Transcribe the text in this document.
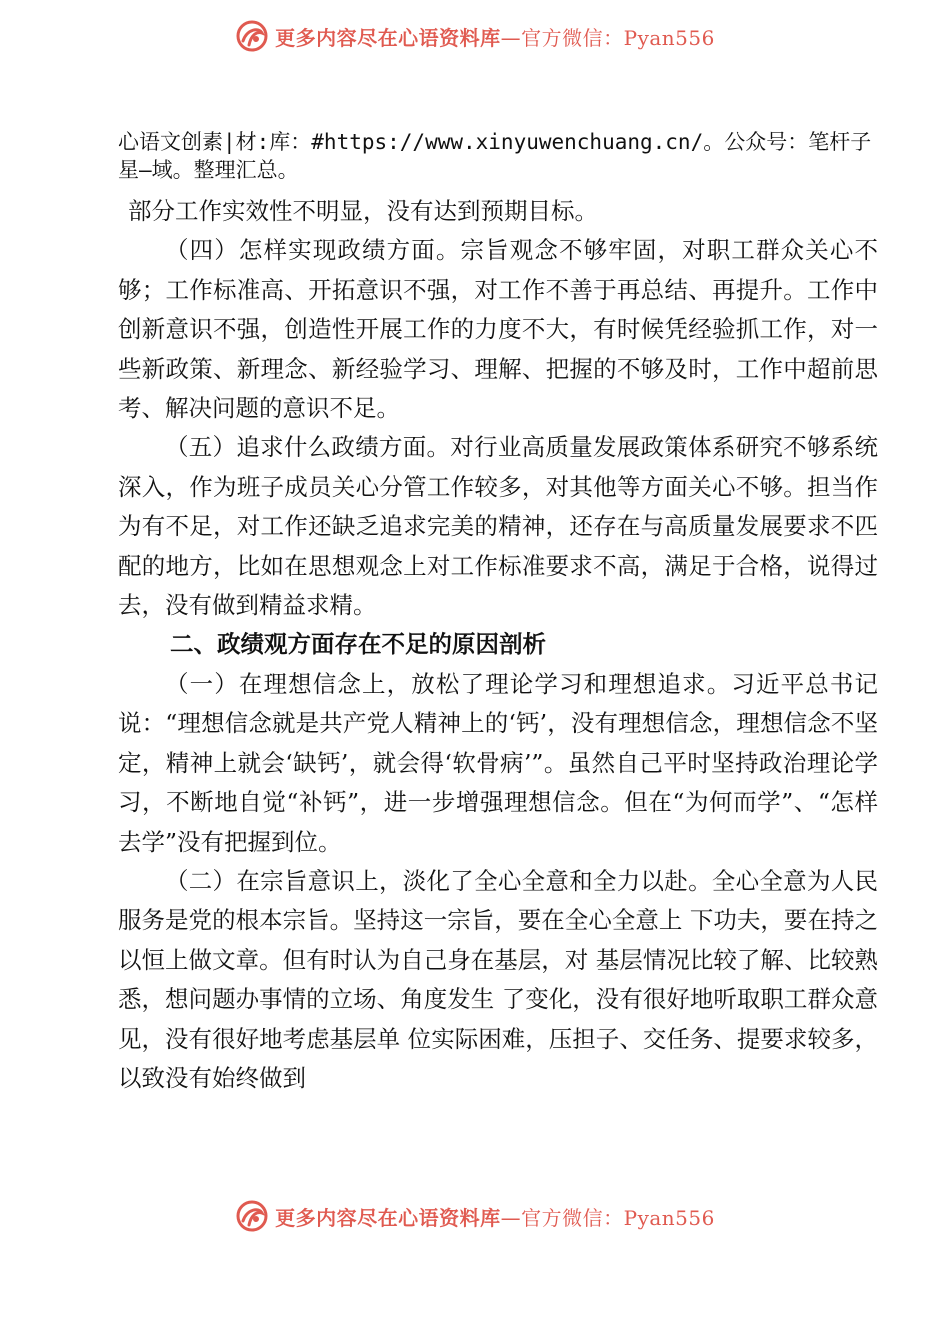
更多内容尽在心语资料库—官方微信：Pyan556

心语文创素|材:库：#https://www.xinyuwenchuang.cn/。公众号：笔杆子星—域。整理汇总。

部分工作实效性不明显，没有达到预期目标。

（四）怎样实现政绩方面。宗旨观念不够牢固，对职工群众关心不够；工作标准高、开拓意识不强，对工作不善于再总结、再提升。工作中创新意识不强，创造性开展工作的力度不大，有时候凭经验抓工作，对一些新政策、新理念、新经验学习、理解、把握的不够及时，工作中超前思考、解决问题的意识不足。

（五）追求什么政绩方面。对行业高质量发展政策体系研究不够系统深入，作为班子成员关心分管工作较多，对其他等方面关心不够。担当作为有不足，对工作还缺乏追求完美的精神，还存在与高质量发展要求不匹配的地方，比如在思想观念上对工作标准要求不高，满足于合格，说得过去，没有做到精益求精。

二、政绩观方面存在不足的原因剖析

（一）在理想信念上，放松了理论学习和理想追求。习近平总书记说：“理想信念就是共产党人精神上的‘钙’，没有理想信念，理想信念不坚定，精神上就会‘缺钙’，就会得‘软骨病’”。虽然自己平时坚持政治理论学习，不断地自觉“补钙”，进一步增强理想信念。但在“为何而学”、“怎样去学”没有把握到位。

（二）在宗旨意识上，淡化了全心全意和全力以赴。全心全意为人民服务是党的根本宗旨。坚持这一宗旨，要在全心全意上 下功夫，要在持之以恒上做文章。但有时认为自己身在基层，对 基层情况比较了解、比较熟悉，想问题办事情的立场、角度发生 了变化，没有很好地听取职工群众意见，没有很好地考虑基层单 位实际困难，压担子、交任务、提要求较多，以致没有始终做到

更多内容尽在心语资料库—官方微信：Pyan556
